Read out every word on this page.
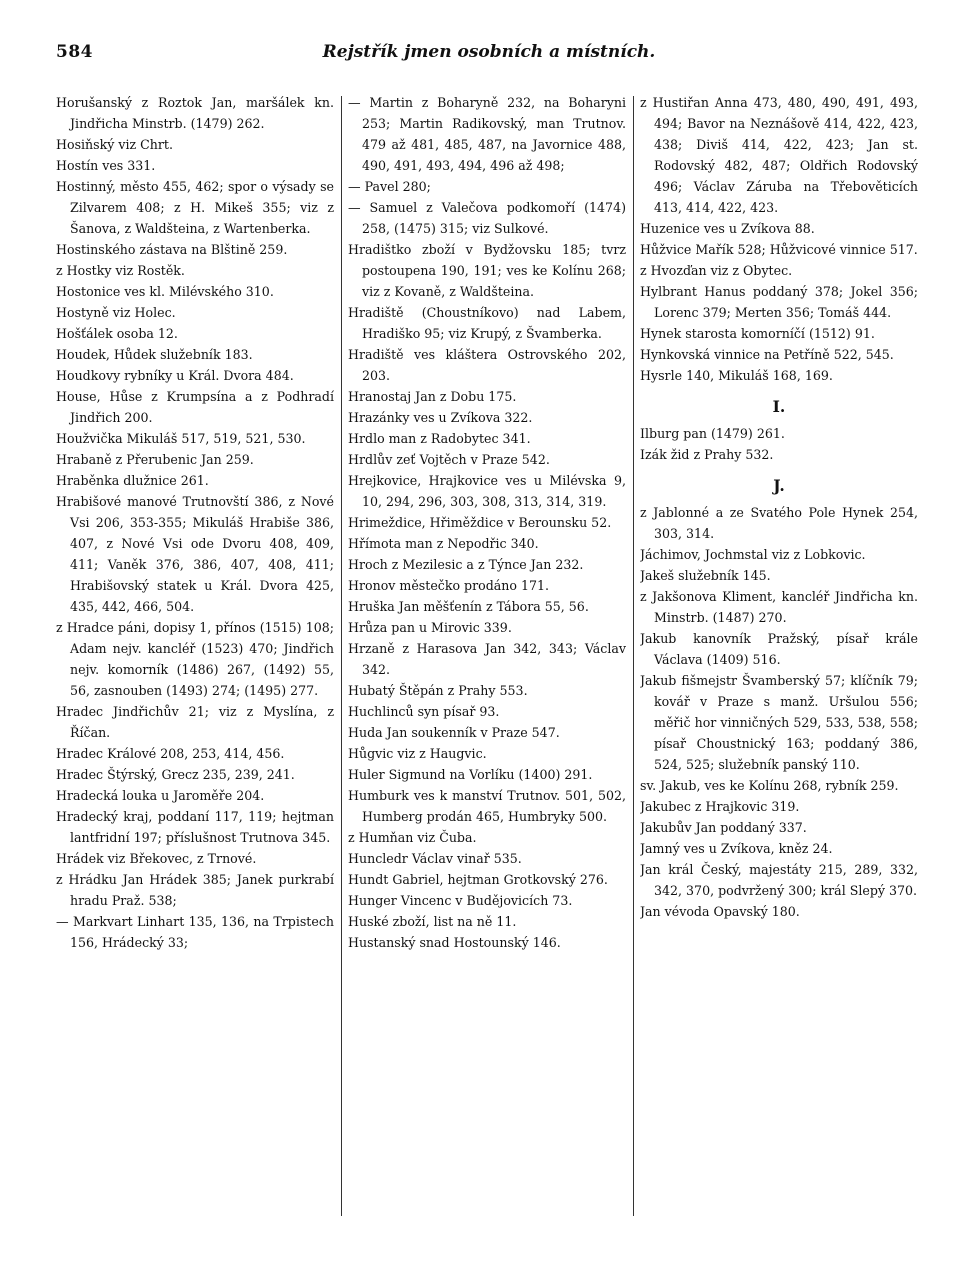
584	Rejstřík jmen osobních a místních.

Horušanský z Roztok Jan, maršálek kn. Jindřicha Minstrb. (1479) 262.

Hosiňský viz Chrt.

Hostín ves 331.

Hostinný, město 455, 462; spor o výsady se Zilvarem 408; z H. Mikeš 355; viz z Šanova, z Waldšteina, z Wartenberka.

Hostinského zástava na Blštině 259.

z Hostky viz Rostěk.

Hostonice ves kl. Milévského 310.

Hostyně viz Holec.

Hošťálek osoba 12.

Houdek, Hůdek služebník 183.

Houdkovy rybníky u Král. Dvora 484.

House, Hůse z Krumpsína a z Podhradí Jindřich 200.

Houžvička Mikuláš 517, 519, 521, 530.

Hrabaně z Přerubenic Jan 259.

Hraběnka dlužnice 261.

Hrabišové manové Trutnovští 386, z Nové Vsi 206, 353-355; Mikuláš Hrabiše 386, 407, z Nové Vsi ode Dvoru 408, 409, 411; Vaněk 376, 386, 407, 408, 411; Hrabišovský statek u Král. Dvora 425, 435, 442, 466, 504.

z Hradce páni, dopisy 1, přínos (1515) 108; Adam nejv. kancléř (1523) 470; Jindřich nejv. komorník (1486) 267, (1492) 55, 56, zasnouben (1493) 274; (1495) 277.

Hradec Jindřichův 21; viz z Myslína, z Říčan.

Hradec Králové 208, 253, 414, 456.

Hradec Štýrský, Grecz 235, 239, 241.

Hradecká louka u Jaroměře 204.

Hradecký kraj, poddaní 117, 119; hejtman lantfridní 197; příslušnost Trutnova 345.

Hrádek viz Břekovec, z Trnové.

z Hrádku Jan Hrádek 385; Janek purkrabí hradu Praž. 538;

— Markvart Linhart 135, 136, na Trpistech 156, Hrádecký 33;

— Martin z Boharyně 232, na Boharyni 253; Martin Radikovský, man Trutnov. 479 až 481, 485, 487, na Javornice 488, 490, 491, 493, 494, 496 až 498;

— Pavel 280;

— Samuel z Valečova podkomoří (1474) 258, (1475) 315; viz Sulkové.

Hradištko zboží v Bydžovsku 185; tvrz postoupena 190, 191; ves ke Kolínu 268; viz z Kovaně, z Waldšteina.

Hradiště (Choustníkovo) nad Labem, Hradiško 95; viz Krupý, z Švamberka.

Hradiště ves kláštera Ostrovského 202, 203.

Hranostaj Jan z Dobu 175.

Hrazánky ves u Zvíkova 322.

Hrdlo man z Radobytec 341.

Hrdlův zeť Vojtěch v Praze 542.

Hrejkovice, Hrajkovice ves u Milévska 9, 10, 294, 296, 303, 308, 313, 314, 319.

Hrimeždice, Hřiměždice v Berounsku 52.

Hřímota man z Nepodřic 340.

Hroch z Mezilesic a z Týnce Jan 232.

Hronov městečko prodáno 171.

Hruška Jan měšťenín z Tábora 55, 56.

Hrůza pan u Mirovic 339.

Hrzaně z Harasova Jan 342, 343; Václav 342.

Hubatý Štěpán z Prahy 553.

Huchlinců syn písař 93.

Huda Jan soukenník v Praze 547.

Hůgvic viz z Haugvic.

Huler Sigmund na Vorlíku (1400) 291.

Humburk ves k manství Trutnov. 501, 502, Humberg prodán 465, Humbryky 500.

z Humňan viz Čuba.

Huncledr Václav vinař 535.

Hundt Gabriel, hejtman Grotkovský 276.

Hunger Vincenc v Budějovicích 73.

Huské zboží, list na ně 11.

Hustanský snad Hostounský 146.

z Hustiřan Anna 473, 480, 490, 491, 493, 494; Bavor na Neznášově 414, 422, 423, 438; Diviš 414, 422, 423; Jan st. Rodovský 482, 487; Oldřich Rodovský 496; Václav Záruba na Třebověticích 413, 414, 422, 423.

Huzenice ves u Zvíkova 88.

Hůžvice Mařík 528; Hůžvicové vinnice 517.

z Hvozďan viz z Obytec.

Hylbrant Hanus poddaný 378; Jokel 356; Lorenc 379; Merten 356; Tomáš 444.

Hynek starosta komorníčí (1512) 91.

Hynkovská vinnice na Petříně 522, 545.

Hysrle 140, Mikuláš 168, 169.

I.

Ilburg pan (1479) 261.

Izák žid z Prahy 532.

J.

z Jablonné a ze Svatého Pole Hynek 254, 303, 314.

Jáchimov, Jochmstal viz z Lobkovic.

Jakeš služebník 145.

z Jakšonova Kliment, kancléř Jindřicha kn. Minstrb. (1487) 270.

Jakub kanovník Pražský, písař krále Václava (1409) 516.

Jakub fišmejstr Švamberský 57; klíčník 79; kovář v Praze s manž. Uršulou 556; měřič hor vinničných 529, 533, 538, 558; písař Choustnický 163; poddaný 386, 524, 525; služebník panský 110.

sv. Jakub, ves ke Kolínu 268, rybník 259.

Jakubec z Hrajkovic 319.

Jakubův Jan poddaný 337.

Jamný ves u Zvíkova, kněz 24.

Jan král Český, majestáty 215, 289, 332, 342, 370, podvržený 300; král Slepý 370.

Jan vévoda Opavský 180.
